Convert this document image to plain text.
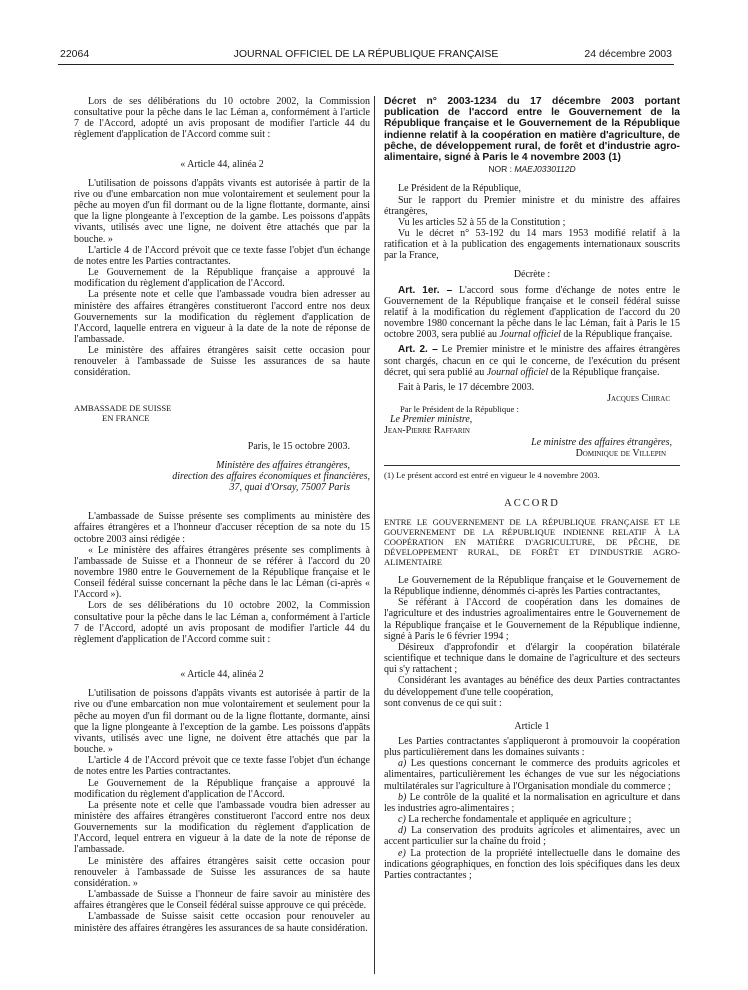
22064	JOURNAL OFFICIEL DE LA RÉPUBLIQUE FRANÇAISE	24 décembre 2003

Lors de ses délibérations du 10 octobre 2002, la Commission consultative pour la pêche dans le lac Léman a, conformément à l'article 7 de l'Accord, adopté un avis proposant de modifier l'article 44 du règlement d'application de l'Accord comme suit :

« Article 44, alinéa 2

L'utilisation de poissons d'appâts vivants est autorisée à partir de la rive ou d'une embarcation non mue volontairement et seulement pour la pêche au moyen d'un fil dormant ou de la ligne flottante, dormante, ainsi que la ligne plongeante à l'exception de la gambe. Les poissons d'appâts vivants, utilisés avec une ligne, ne doivent être attachés que par la bouche. »

L'article 4 de l'Accord prévoit que ce texte fasse l'objet d'un échange de notes entre les Parties contractantes.

Le Gouvernement de la République française a approuvé la modification du règlement d'application de l'Accord.

La présente note et celle que l'ambassade voudra bien adresser au ministère des affaires étrangères constitueront l'accord entre nos deux Gouvernements sur la modification du règlement d'application de l'Accord, laquelle entrera en vigueur à la date de la note de réponse de l'ambassade.

Le ministère des affaires étrangères saisit cette occasion pour renouveler à l'ambassade de Suisse les assurances de sa haute considération.

AMBASSADE DE SUISSE

EN FRANCE

Paris, le 15 octobre 2003.

Ministère des affaires étrangères,

direction des affaires économiques et financières,

37, quai d'Orsay, 75007 Paris

L'ambassade de Suisse présente ses compliments au ministère des affaires étrangères et a l'honneur d'accuser réception de sa note du 15 octobre 2003 ainsi rédigée :

« Le ministère des affaires étrangères présente ses compliments à l'ambassade de Suisse et a l'honneur de se référer à l'accord du 20 novembre 1980 entre le Gouvernement de la République française et le Conseil fédéral suisse concernant la pêche dans le lac Léman (ci-après « l'Accord »).

Lors de ses délibérations du 10 octobre 2002, la Commission consultative pour la pêche dans le lac Léman a, conformément à l'article 7 de l'Accord, adopté un avis proposant de modifier l'article 44 du règlement d'application de l'Accord comme suit :

« Article 44, alinéa 2

L'utilisation de poissons d'appâts vivants est autorisée à partir de la rive ou d'une embarcation non mue volontairement et seulement pour la pêche au moyen d'un fil dormant ou de la ligne flottante, dormante, ainsi que la ligne plongeante à l'exception de la gambe. Les poissons d'appâts vivants, utilisés avec une ligne, ne doivent être attachés que par la bouche. »

L'article 4 de l'Accord prévoit que ce texte fasse l'objet d'un échange de notes entre les Parties contractantes.

Le Gouvernement de la République française a approuvé la modification du règlement d'application de l'Accord.

La présente note et celle que l'ambassade voudra bien adresser au ministère des affaires étrangères constitueront l'accord entre nos deux Gouvernements sur la modification du règlement d'application de l'Accord, lequel entrera en vigueur à la date de la note de réponse de l'ambassade.

Le ministère des affaires étrangères saisit cette occasion pour renouveler à l'ambassade de Suisse les assurances de sa haute considération. »

L'ambassade de Suisse a l'honneur de faire savoir au ministère des affaires étrangères que le Conseil fédéral suisse approuve ce qui précède.

L'ambassade de Suisse saisit cette occasion pour renouveler au ministère des affaires étrangères les assurances de sa haute considération.

Décret n° 2003-1234 du 17 décembre 2003 portant publication de l'accord entre le Gouvernement de la République française et le Gouvernement de la République indienne relatif à la coopération en matière d'agriculture, de pêche, de développement rural, de forêt et d'industrie agro-alimentaire, signé à Paris le 4 novembre 2003 (1)

NOR : MAEJ0330112D

Le Président de la République,

Sur le rapport du Premier ministre et du ministre des affaires étrangères,

Vu les articles 52 à 55 de la Constitution ;

Vu le décret n° 53-192 du 14 mars 1953 modifié relatif à la ratification et à la publication des engagements internationaux souscrits par la France,

Décrète :

Art. 1er. – L'accord sous forme d'échange de notes entre le Gouvernement de la République française et le conseil fédéral suisse relatif à la modification du règlement d'application de l'accord du 20 novembre 1980 concernant la pêche dans le lac Léman, fait à Paris le 15 octobre 2003, sera publié au Journal officiel de la République française.

Art. 2. – Le Premier ministre et le ministre des affaires étrangères sont chargés, chacun en ce qui le concerne, de l'exécution du présent décret, qui sera publié au Journal officiel de la République française.

Fait à Paris, le 17 décembre 2003.

Jacques Chirac

Par le Président de la République :

Le Premier ministre,

Jean-Pierre Raffarin

Le ministre des affaires étrangères,

Dominique de Villepin

(1) Le présent accord est entré en vigueur le 4 novembre 2003.

ACCORD

ENTRE LE GOUVERNEMENT DE LA RÉPUBLIQUE FRANÇAISE ET LE GOUVERNEMENT DE LA RÉPUBLIQUE INDIENNE RELATIF À LA COOPÉRATION EN MATIÈRE D'AGRICULTURE, DE PÊCHE, DE DÉVELOPPEMENT RURAL, DE FORÊT ET D'INDUSTRIE AGRO-ALIMENTAIRE

Le Gouvernement de la République française et le Gouvernement de la République indienne, dénommés ci-après les Parties contractantes,

Se référant à l'Accord de coopération dans les domaines de l'agriculture et des industries agroalimentaires entre le Gouvernement de la République française et le Gouvernement de la République indienne, signé à Paris le 6 février 1994 ;

Désireux d'approfondir et d'élargir la coopération bilatérale scientifique et technique dans le domaine de l'agriculture et des secteurs qui s'y rattachent ;

Considérant les avantages au bénéfice des deux Parties contractantes du développement d'une telle coopération,

sont convenus de ce qui suit :

Article 1

Les Parties contractantes s'appliqueront à promouvoir la coopération plus particulièrement dans les domaines suivants :

a) Les questions concernant le commerce des produits agricoles et alimentaires, particulièrement les échanges de vue sur les négociations multilatérales sur l'agriculture à l'Organisation mondiale du commerce ;

b) Le contrôle de la qualité et la normalisation en agriculture et dans les industries agro-alimentaires ;

c) La recherche fondamentale et appliquée en agriculture ;

d) La conservation des produits agricoles et alimentaires, avec un accent particulier sur la chaîne du froid ;

e) La protection de la propriété intellectuelle dans le domaine des indications géographiques, en fonction des lois spécifiques dans les deux Parties contractantes ;
